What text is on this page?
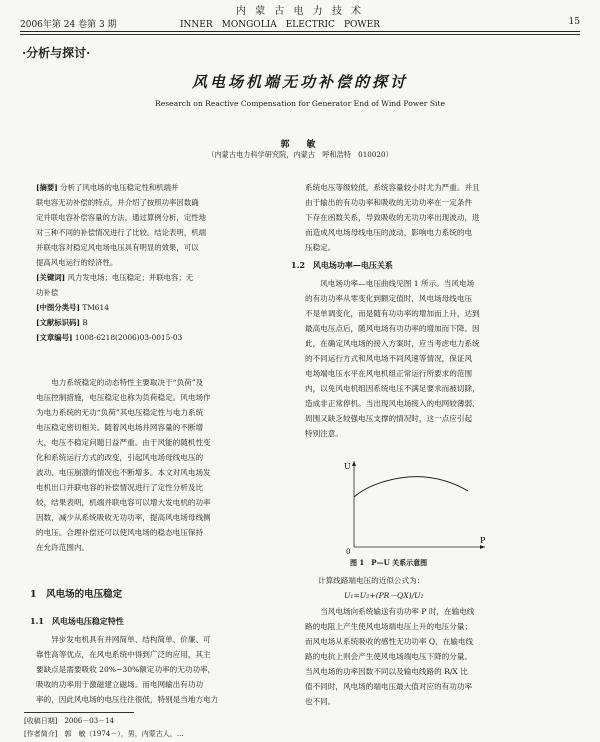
内 蒙 古 电 力 技 术
2006年第 24 卷第 3 期	INNER　MONGOLIA　ELECTRIC　POWER	15
·分析与探讨·
风电场机端无功补偿的探讨
Research on Reactive Compensation for Generator End of Wind Power Site
郭　敏
（内蒙古电力科学研究院，内蒙古　呼和浩特　010020）

[摘要] 分析了风电场的电压稳定性和机端并

联电容无功补偿的特点，并介绍了按照功率因数确

定并联电容补偿容量的方法，通过算例分析，定性地

对三种不同的补偿情况进行了比较。结论表明，机端

并联电容对稳定风电场电压具有明显的效果，可以

提高风电运行的经济性。

[关键词] 风力发电场；电压稳定；并联电容；无

功补偿

[中图分类号] TM614

[文献标识码] B

[文章编号] 1008-6218(2006)03-0015-03

电力系统稳定的动态特性主要取决于“负荷”及

电压控制措施，电压稳定也称为负荷稳定。风电场作

为电力系统的无功“负荷”其电压稳定性与电力系统

电压稳定密切相关。随着风电场并网容量的不断增

大，电压不稳定问题日益严重。由于风能的随机性变

化和系统运行方式的改变，引起风电场母线电压的

波动、电压崩溃的情况也不断增多。本文对风电场发

电机出口并联电容的补偿情况进行了定性分析及比

较，结果表明，机端并联电容可以增大发电机的功率

因数，减少从系统吸收无功功率，提高风电场母线侧

的电压。合理补偿还可以使风电场的稳态电压保持

在允许范围内。

1　风电场的电压稳定
1.1　风电场电压稳定特性

异步发电机具有并网简单、结构简单、价廉、可

靠性高等优点，在风电系统中得到广泛的应用，其主

要缺点是需要吸收 20%~30%额定功率的无功功率，

吸收的功率用于激磁建立磁场。而电网输出有功功

率的，因此风电场的电压往往很低，特别是当地方电力

[收稿日期]　2006－03－14

[作者简介]　郭　敏（1974－），男，内蒙古人，…

系统电压等级较低，系统容量较小时尤为严重。并且

由于输出的有功功率和吸收的无功功率在一定条件

下存在函数关系，导致吸收的无功功率出现波动，进

而造成风电场母线电压的波动，影响电力系统的电

压稳定。

1.2　风电场功率—电压关系

风电场功率—电压曲线见图 1 所示。当风电场

的有功功率从零变化到额定值时，风电场母线电压

不是单调变化，而是随有功功率的增加而上升，达到

最高电压点后，随风电场有功功率的增加而下降。因

此，在确定风电场的接入方案时，应当考虑电力系统

的不同运行方式和风电场不同风速等情况，保证风

电场端电压水平在风电机组正常运行所要求的范围

内，以免风电机组因系统电压不满足要求而被切除，

造成非正常停机。当出现风电场接入的电网较薄弱、

周围又缺乏较强电压支撑的情况时，这一点应引起

特别注意。

U
P
0
图 1　P—U 关系示意图
计算线路端电压的近似公式为：
U₁=U₂+(PR－QX)/U₂

当风电场向系统输送有功功率 P 时，在输电线

路的电阻上产生使风电场端电压上升的电压分量；

而风电场从系统吸收的感性无功功率 Q，在输电线

路的电抗上则会产生使风电场端电压下降的分量。

当风电场的功率因数不同以及输电线路的 R/X 比

值不同时，风电场的端电压最大值对应的有功功率

也不同。
